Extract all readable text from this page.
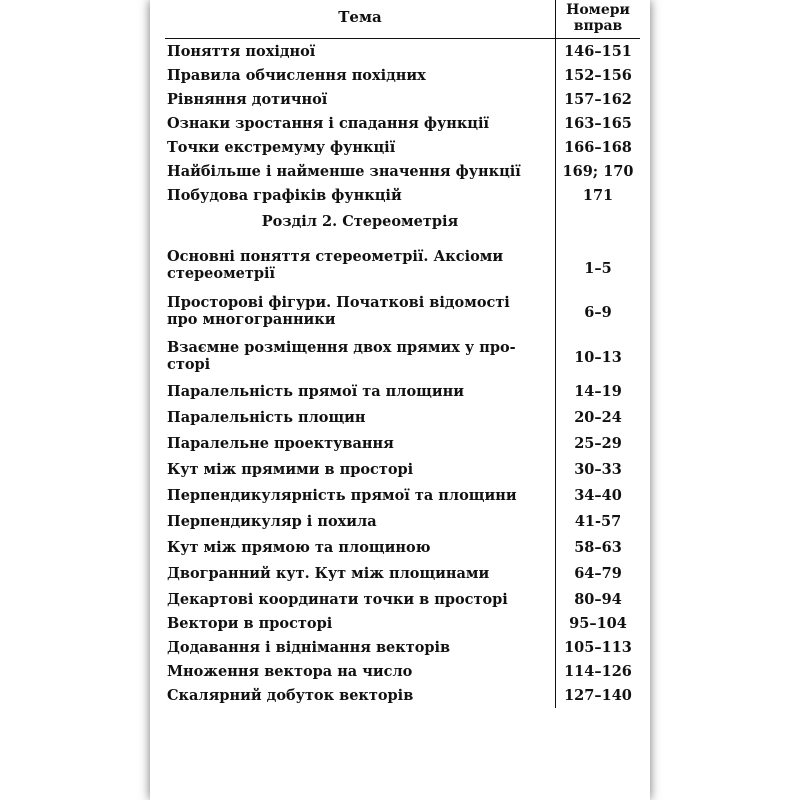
Тема	Номери
вправ
Поняття похідної	146–151
Правила обчислення похідних	152–156
Рівняння дотичної	157–162
Ознаки зростання і спадання функції	163–165
Точки екстремуму функції	166–168
Найбільше і найменше значення функції	169; 170
Побудова графіків функцій	171
Розділ 2. Стереометрія
Основні поняття стереометрії. Аксіоми
стереометрії	1–5
Просторові фігури. Початкові відомості
про многогранники	6–9
Взаємне розміщення двох прямих у про-
сторі	10–13
Паралельність прямої та площини	14–19
Паралельність площин	20–24
Паралельне проектування	25–29
Кут між прямими в просторі	30–33
Перпендикулярність прямої та площини	34–40
Перпендикуляр і похила	41-57
Кут між прямою та площиною	58–63
Двогранний кут. Кут між площинами	64–79
Декартові координати точки в просторі	80–94
Вектори в просторі	95–104
Додавання і віднімання векторів	105–113
Множення вектора на число	114–126
Скалярний добуток векторів	127–140
